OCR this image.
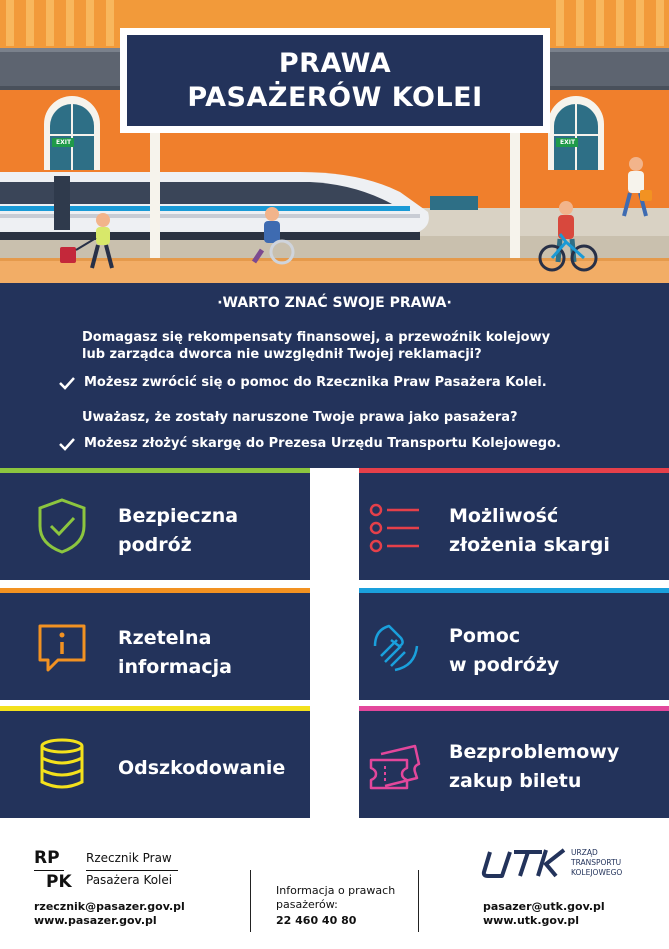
EXIT	EXIT
PRAWA
PASAŻERÓW KOLEI
·WARTO ZNAĆ SWOJE PRAWA·
Domagasz się rekompensaty finansowej, a przewoźnik kolejowy
lub zarządca dworca nie uwzględnił Twojej reklamacji?
Możesz zwrócić się o pomoc do Rzecznika Praw Pasażera Kolei.
Uważasz, że zostały naruszone Twoje prawa jako pasażera?
Możesz złożyć skargę do Prezesa Urzędu Transportu Kolejowego.
Bezpieczna
podróż
Możliwość
złożenia skargi
Rzetelna
informacja
Pomoc
w podróży
Odszkodowanie
Bezproblemowy
zakup biletu
RP
PK
Rzecznik Praw
Pasażera Kolei
rzecznik@pasazer.gov.pl
www.pasazer.gov.pl
Informacja o prawach
pasażerów:
22 460 40 80
URZĄD
TRANSPORTU
KOLEJOWEGO
pasazer@utk.gov.pl
www.utk.gov.pl
